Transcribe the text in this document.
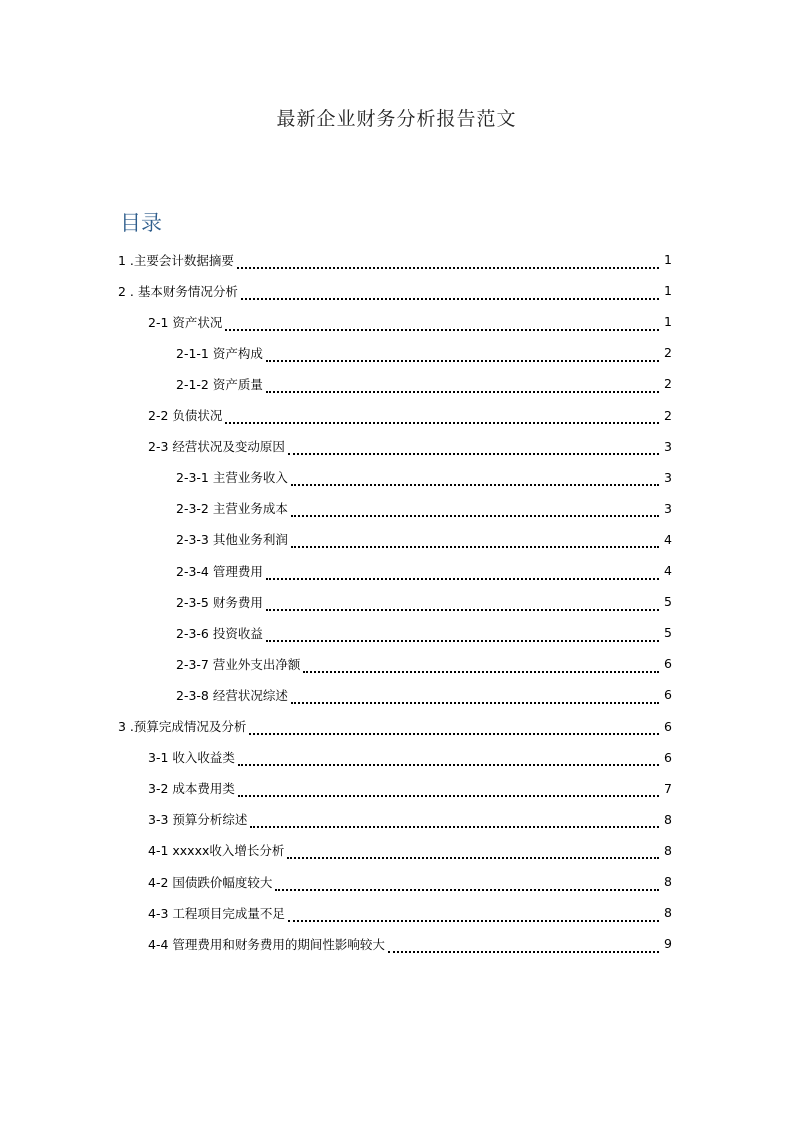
最新企业财务分析报告范文
目录
1 .主要会计数据摘要	1
2 . 基本财务情况分析	1
2-1 资产状况	1
2-1-1 资产构成	2
2-1-2 资产质量	2
2-2 负债状况	2
2-3 经营状况及变动原因	3
2-3-1 主营业务收入	3
2-3-2 主营业务成本	3
2-3-3 其他业务利润	4
2-3-4 管理费用	4
2-3-5 财务费用	5
2-3-6 投资收益	5
2-3-7 营业外支出净额	6
2-3-8 经营状况综述	6
3 .预算完成情况及分析	6
3-1 收入收益类	6
3-2 成本费用类	7
3-3 预算分析综述	8
4-1 xxxxx收入增长分析	8
4-2 国债跌价幅度较大	8
4-3 工程项目完成量不足	8
4-4 管理费用和财务费用的期间性影响较大	9
